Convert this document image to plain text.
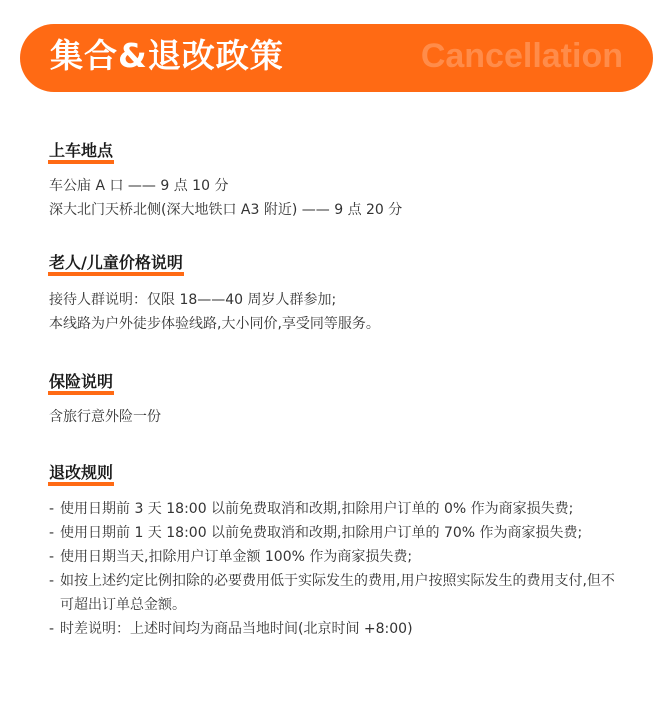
集合&退改政策	Cancellation
上车地点
车公庙 A 口 —— 9 点 10 分
深大北门天桥北侧(深大地铁口 A3 附近) —— 9 点 20 分
老人/儿童价格说明
接待人群说明：仅限 18——40 周岁人群参加;
本线路为户外徒步体验线路,大小同价,享受同等服务。
保险说明
含旅行意外险一份
退改规则
- 使用日期前 3 天 18:00 以前免费取消和改期,扣除用户订单的 0% 作为商家损失费;
- 使用日期前 1 天 18:00 以前免费取消和改期,扣除用户订单的 70% 作为商家损失费;
- 使用日期当天,扣除用户订单金额 100% 作为商家损失费;
- 如按上述约定比例扣除的必要费用低于实际发生的费用,用户按照实际发生的费用支付,但不可超出订单总金额。
- 时差说明：上述时间均为商品当地时间(北京时间 +8:00)
